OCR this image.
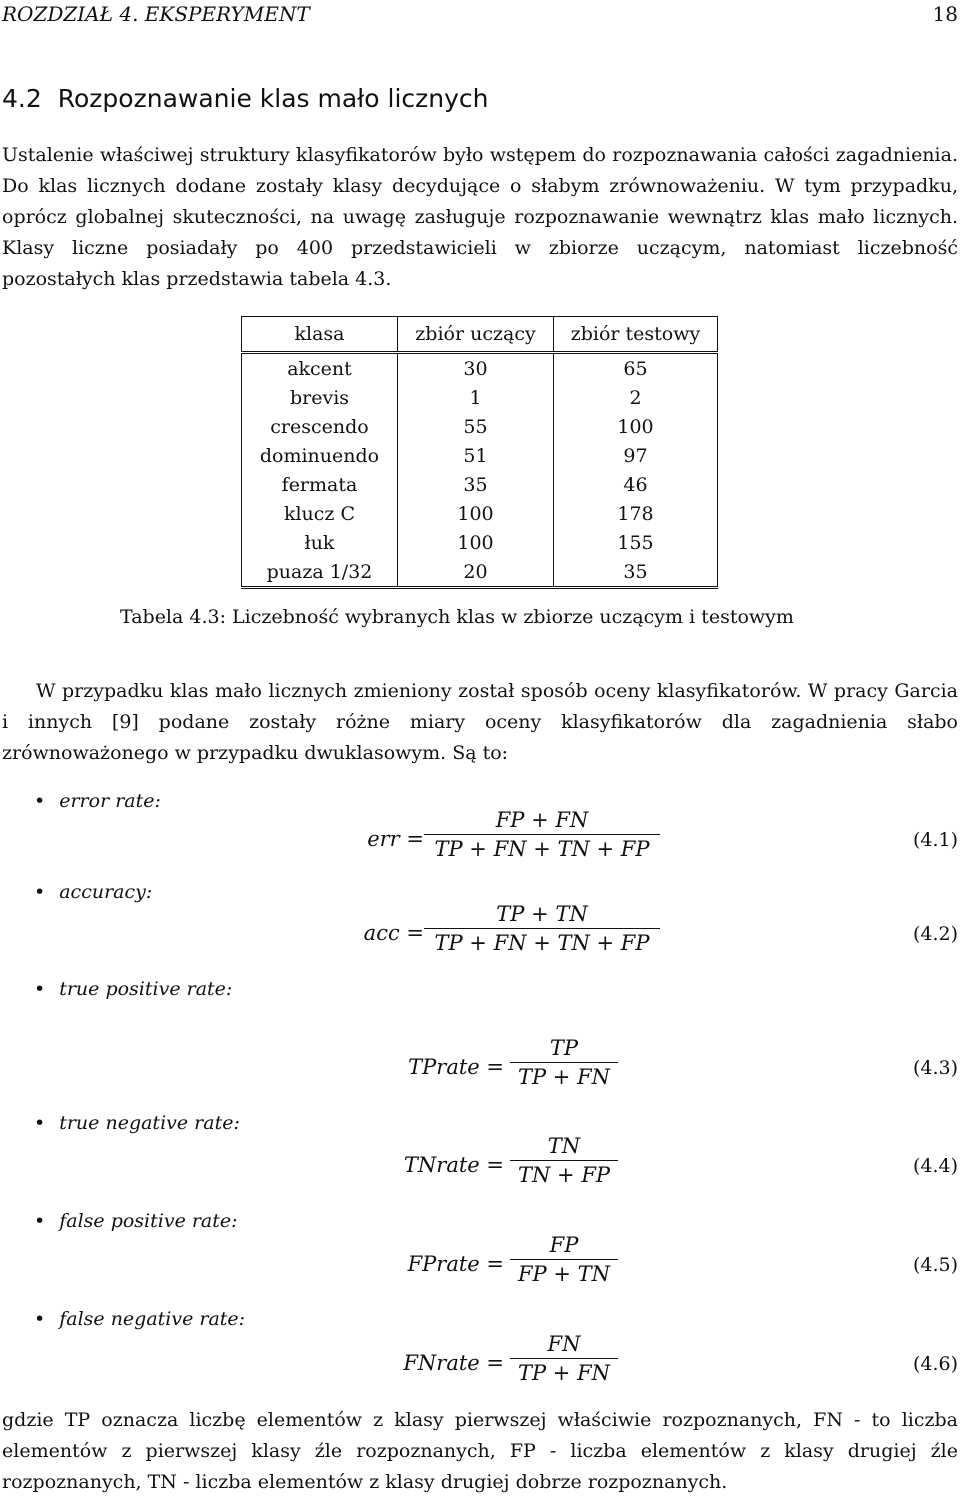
ROZDZIAŁ 4. EKSPERYMENT	18
4.2 Rozpoznawanie klas mało licznych
Ustalenie właściwej struktury klasyfikatorów było wstępem do rozpoznawania całości zagadnienia. Do klas licznych dodane zostały klasy decydujące o słabym zrównoważeniu. W tym przypadku, oprócz globalnej skuteczności, na uwagę zasługuje rozpoznawanie wewnątrz klas mało licznych. Klasy liczne posiadały po 400 przedstawicieli w zbiorze uczącym, natomiast liczebność pozostałych klas przedstawia tabela 4.3.
klasa	zbiór uczący	zbiór testowy
akcent	30	65
brevis	1	2
crescendo	55	100
dominuendo	51	97
fermata	35	46
klucz C	100	178
łuk	100	155
puaza 1/32	20	35
Tabela 4.3: Liczebność wybranych klas w zbiorze uczącym i testowym
W przypadku klas mało licznych zmieniony został sposób oceny klasyfikatorów. W pracy Garcia i innych [9] podane zostały różne miary oceny klasyfikatorów dla zagadnienia słabo zrównoważonego w przypadku dwuklasowym. Są to:
• error rate:
• accuracy:
• true positive rate:
• true negative rate:
• false positive rate:
• false negative rate:
err =
FP + FN
TP + FN + TN + FP	(4.1)
acc =
TP + TN
TP + FN + TN + FP	(4.2)
TPrate =
TP
TP + FN	(4.3)
TNrate =
TN
TN + FP	(4.4)
FPrate =
FP
FP + TN	(4.5)
FNrate =
FN
TP + FN	(4.6)
gdzie TP oznacza liczbę elementów z klasy pierwszej właściwie rozpoznanych, FN - to liczba elementów z pierwszej klasy źle rozpoznanych, FP - liczba elementów z klasy drugiej źle rozpoznanych, TN - liczba elementów z klasy drugiej dobrze rozpoznanych.
